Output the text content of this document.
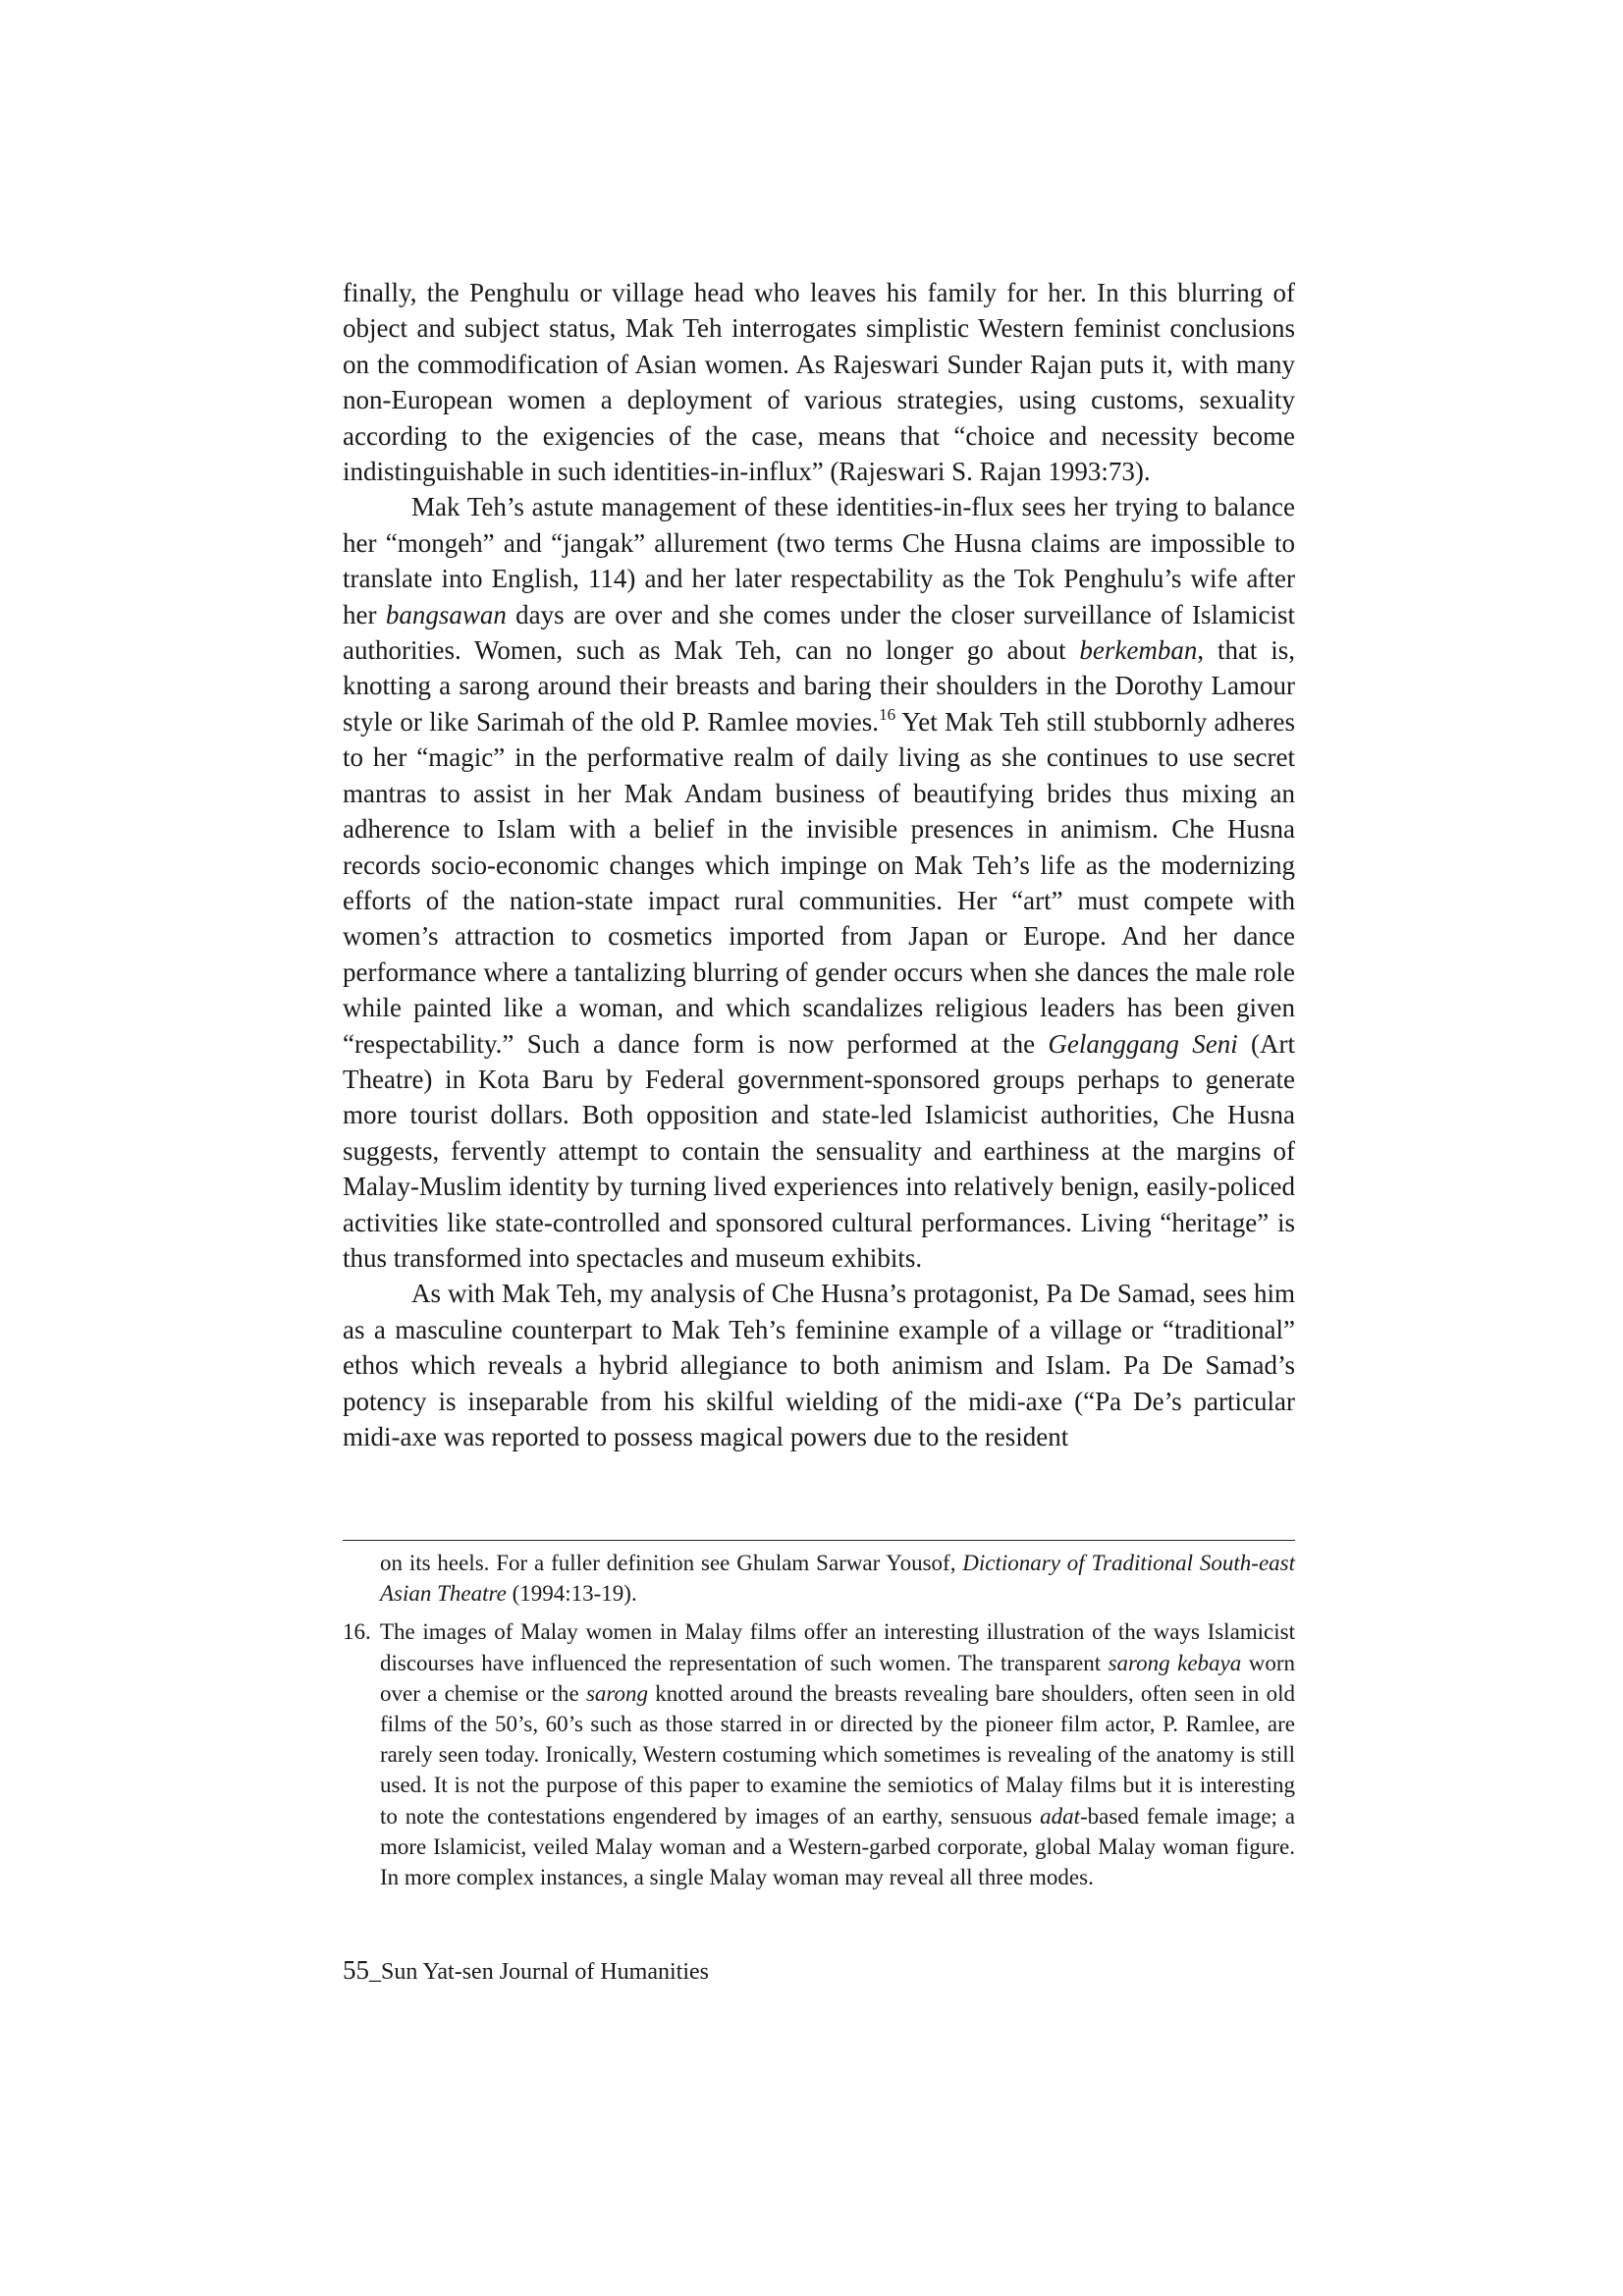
finally, the Penghulu or village head who leaves his family for her. In this blurring of object and subject status, Mak Teh interrogates simplistic Western feminist conclusions on the commodification of Asian women. As Rajeswari Sunder Rajan puts it, with many non-European women a deployment of various strategies, using customs, sexuality according to the exigencies of the case, means that “choice and necessity become indistinguishable in such identities-in-influx” (Rajeswari S. Rajan 1993:73).

Mak Teh’s astute management of these identities-in-flux sees her trying to balance her “mongeh” and “jangak” allurement (two terms Che Husna claims are impossible to translate into English, 114) and her later respectability as the Tok Penghulu’s wife after her bangsawan days are over and she comes under the closer surveillance of Islamicist authorities. Women, such as Mak Teh, can no longer go about berkemban, that is, knotting a sarong around their breasts and baring their shoulders in the Dorothy Lamour style or like Sarimah of the old P. Ramlee movies.$^{16}$ Yet Mak Teh still stubbornly adheres to her “magic” in the performative realm of daily living as she continues to use secret mantras to assist in her Mak Andam business of beautifying brides thus mixing an adherence to Islam with a belief in the invisible presences in animism. Che Husna records socio-economic changes which impinge on Mak Teh’s life as the modernizing efforts of the nation-state impact rural communities. Her “art” must compete with women’s attraction to cosmetics imported from Japan or Europe. And her dance performance where a tantalizing blurring of gender occurs when she dances the male role while painted like a woman, and which scandalizes religious leaders has been given “respectability.” Such a dance form is now performed at the Gelanggang Seni (Art Theatre) in Kota Baru by Federal government-sponsored groups perhaps to generate more tourist dollars. Both opposition and state-led Islamicist authorities, Che Husna suggests, fervently attempt to contain the sensuality and earthiness at the margins of Malay-Muslim identity by turning lived experiences into relatively benign, easily-policed activities like state-controlled and sponsored cultural performances. Living “heritage” is thus transformed into spectacles and museum exhibits.

As with Mak Teh, my analysis of Che Husna’s protagonist, Pa De Samad, sees him as a masculine counterpart to Mak Teh’s feminine example of a village or “traditional” ethos which reveals a hybrid allegiance to both animism and Islam. Pa De Samad’s potency is inseparable from his skilful wielding of the midi-axe (“Pa De’s particular midi-axe was reported to possess magical powers due to the resident

on its heels. For a fuller definition see Ghulam Sarwar Yousof, Dictionary of Traditional South-east Asian Theatre (1994:13-19).

16. The images of Malay women in Malay films offer an interesting illustration of the ways Islamicist discourses have influenced the representation of such women. The transparent sarong kebaya worn over a chemise or the sarong knotted around the breasts revealing bare shoulders, often seen in old films of the 50’s, 60’s such as those starred in or directed by the pioneer film actor, P. Ramlee, are rarely seen today. Ironically, Western costuming which sometimes is revealing of the anatomy is still used. It is not the purpose of this paper to examine the semiotics of Malay films but it is interesting to note the contestations engendered by images of an earthy, sensuous adat-based female image; a more Islamicist, veiled Malay woman and a Western-garbed corporate, global Malay woman figure. In more complex instances, a single Malay woman may reveal all three modes.

55_Sun Yat-sen Journal of Humanities
